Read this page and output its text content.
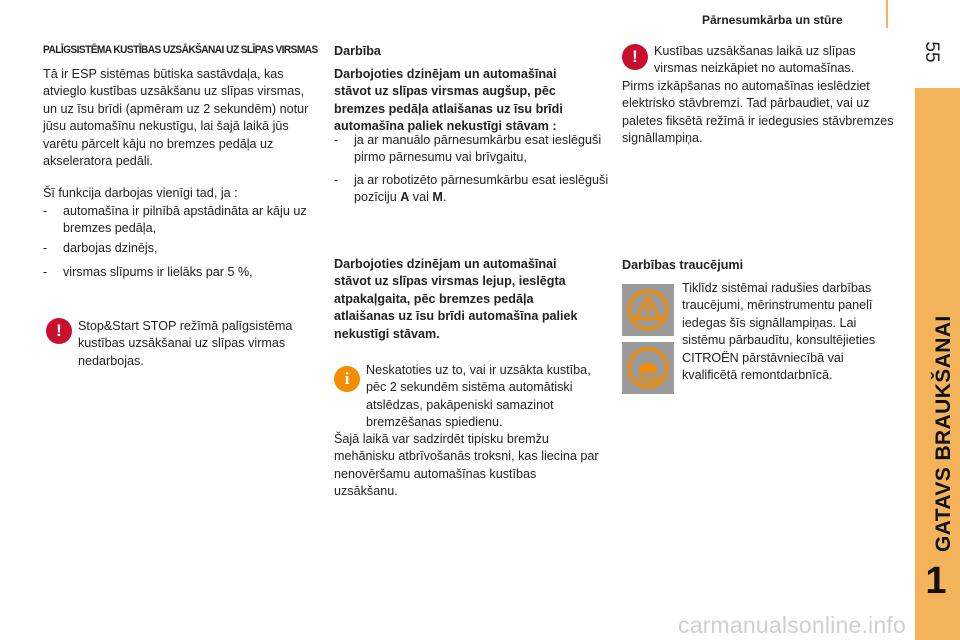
Pārnesumkārba un stūre
55
GATAVS BRAUKŠANAI
1
PALĪGSISTĒMA KUSTĪBAS UZSĀKŠANAI UZ SLĪPAS VIRSMAS

Tā ir ESP sistēmas būtiska sastāvdaļa, kas atvieglo kustības uzsākšanu uz slīpas virsmas, un uz īsu brīdi (apmēram uz 2 sekundēm) notur jūsu automašīnu nekustīgu, lai šajā laikā jūs varētu pārcelt kāju no bremzes pedāļa uz akseleratora pedāli.

Šī funkcija darbojas vienīgi tad, ja :

- automašīna ir pilnībā apstādināta ar kāju uz bremzes pedāļa,

- darbojas dzinējs,

- virsmas slīpums ir lielāks par 5 %,

!	Stop&Start STOP režīmā palīgsistēma kustības uzsākšanai uz slīpas virmas nedarbojas.

Darbība

Darbojoties dzinējam un automašīnai stāvot uz slīpas virsmas augšup, pēc bremzes pedāļa atlaišanas uz īsu brīdi automašīna paliek nekustīgi stāvam :

- ja ar manuālo pārnesumkārbu esat ieslēguši pirmo pārnesumu vai brīvgaitu,

- ja ar robotizēto pārnesumkārbu esat ieslēguši pozīciju A vai M.

Darbojoties dzinējam un automašīnai stāvot uz slīpas virsmas lejup, ieslēgta atpakaļgaita, pēc bremzes pedāļa atlaišanas uz īsu brīdi automašīna paliek nekustīgi stāvam.

i	Neskatoties uz to, vai ir uzsākta kustība, pēc 2 sekundēm sistēma automātiski atslēdzas, pakāpeniski samazinot bremzēšanas spiedienu.

Šajā laikā var sadzirdēt tipisku bremžu mehānisku atbrīvošanās troksni, kas liecina par nenovēršamu automašīnas kustības uzsākšanu.

!	Kustības uzsākšanas laikā uz slīpas virsmas neizkāpiet no automašīnas.

Pirms izkāpšanas no automašīnas ieslēdziet elektrisko stāvbremzi. Tad pārbaudiet, vai uz paletes fiksētā režīmā ir iedegusies stāvbremzes signāllampiņa.

Darbības traucējumi

Tiklīdz sistēmai radušies darbības traucējumi, mērinstrumentu panelī iedegas šīs signāllampiņas. Lai sistēmu pārbaudītu, konsultējieties CITROËN pārstāvniecībā vai kvalificētā remontdarbnīcā.

carmanualsonline.info
